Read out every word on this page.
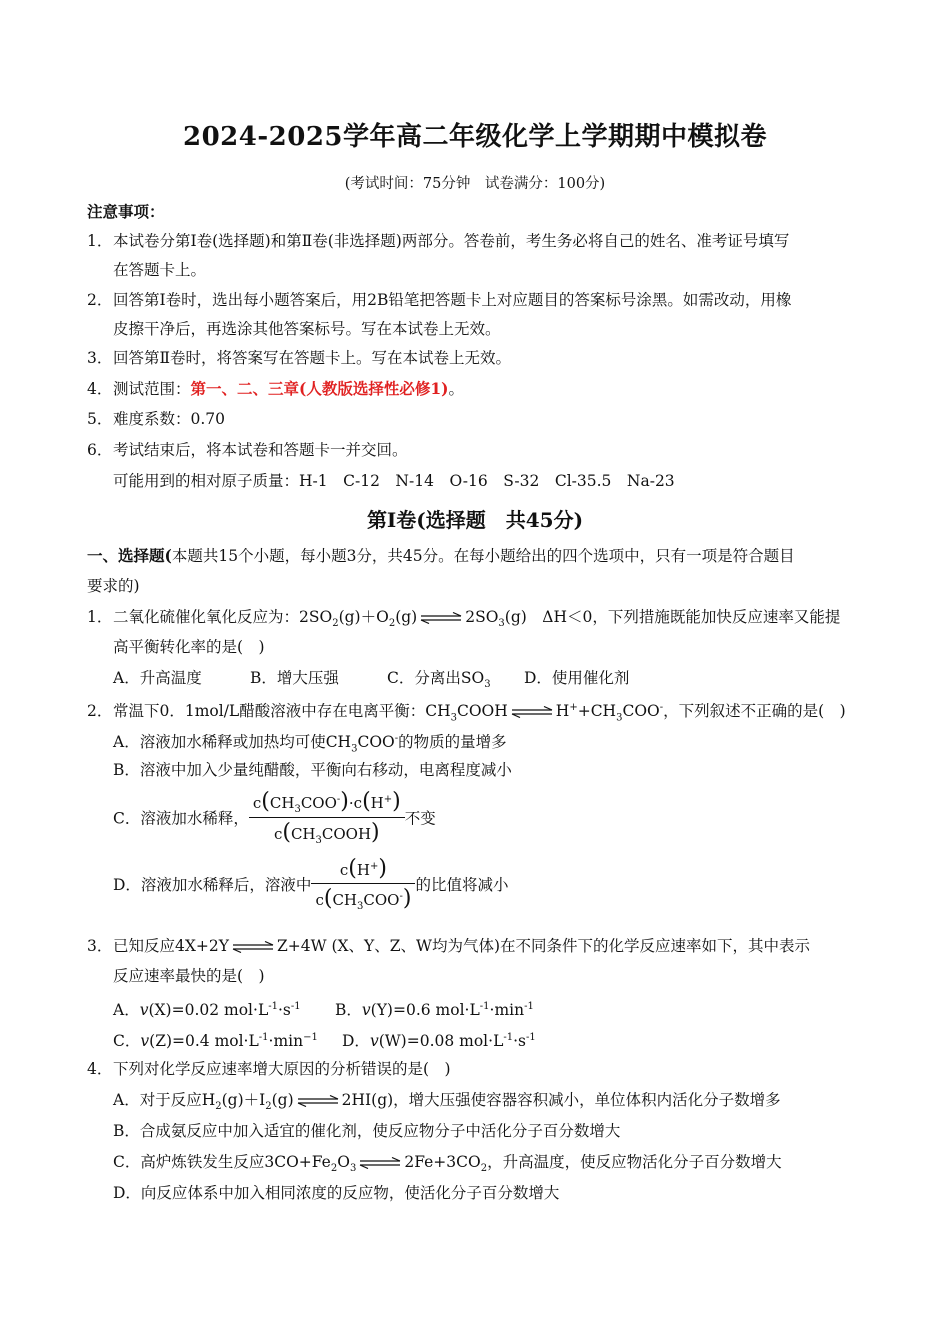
2024-2025学年高二年级化学上学期期中模拟卷
(考试时间：75分钟　试卷满分：100分)
注意事项：
1．本试卷分第Ⅰ卷(选择题)和第Ⅱ卷(非选择题)两部分。答卷前，考生务必将自己的姓名、准考证号填写
在答题卡上。
2．回答第Ⅰ卷时，选出每小题答案后，用2B铅笔把答题卡上对应题目的答案标号涂黑。如需改动，用橡
皮擦干净后，再选涂其他答案标号。写在本试卷上无效。
3．回答第Ⅱ卷时，将答案写在答题卡上。写在本试卷上无效。
4．测试范围：第一、二、三章(人教版选择性必修1)。
5．难度系数：0.70
6．考试结束后，将本试卷和答题卡一并交回。
可能用到的相对原子质量：H-1　C-12　N-14　O-16　S-32　Cl-35.5　Na-23
第Ⅰ卷(选择题　共45分)
一、选择题(本题共15个小题，每小题3分，共45分。在每小题给出的四个选项中，只有一项是符合题目
要求的)
1．二氧化硫催化氧化反应为：$2SO_2(g)+O_2(g)$	$2SO_3(g)$　ΔH＜0，下列措施既能加快反应速率又能提
高平衡转化率的是(　)
A．升高温度	B．增大压强	C．分离出$SO_3$ D．使用催化剂
2．常温下0．1mol/L醋酸溶液中存在电离平衡：$CH_3COOH$	$H^++CH_3COO^-$，下列叙述不正确的是(　)
A．溶液加水稀释或加热均可使$CH_3COO^-$的物质的量增多
B．溶液中加入少量纯醋酸，平衡向右移动，电离程度减小
C．溶液加水稀释， $\frac{c(CH_3COO^-)\cdot c(H^+)}{c(CH_3COOH)}$ 不变
D．溶液加水稀释后，溶液中 $\frac{c(H^+)}{c(CH_3COO^-)}$ 的比值将减小
3．已知反应4X+2Y	Z+4W (X、Y、Z、W均为气体)在不同条件下的化学反应速率如下，其中表示
反应速率最快的是(　)
A．v(X)=0.02 $mol\cdot L^{-1}\cdot s^{-1}$ B．v(Y)=0.6 $mol\cdot L^{-1}\cdot\min^{-1}$
C．v(Z)=0.4 $mol\cdot L^{-1}\cdot\min^{-1}$ D．v(W)=0.08 $mol\cdot L^{-1}\cdot s^{-1}$
4．下列对化学反应速率增大原因的分析错误的是(　)
A．对于反应$H_2(g)+I_2(g)$	2HI(g)，增大压强使容器容积减小，单位体积内活化分子数增多
B．合成氨反应中加入适宜的催化剂，使反应物分子中活化分子百分数增大
C．高炉炼铁发生反应$3CO+Fe_2O_3$	$2Fe+3CO_2$，升高温度，使反应物活化分子百分数增大
D．向反应体系中加入相同浓度的反应物，使活化分子百分数增大
